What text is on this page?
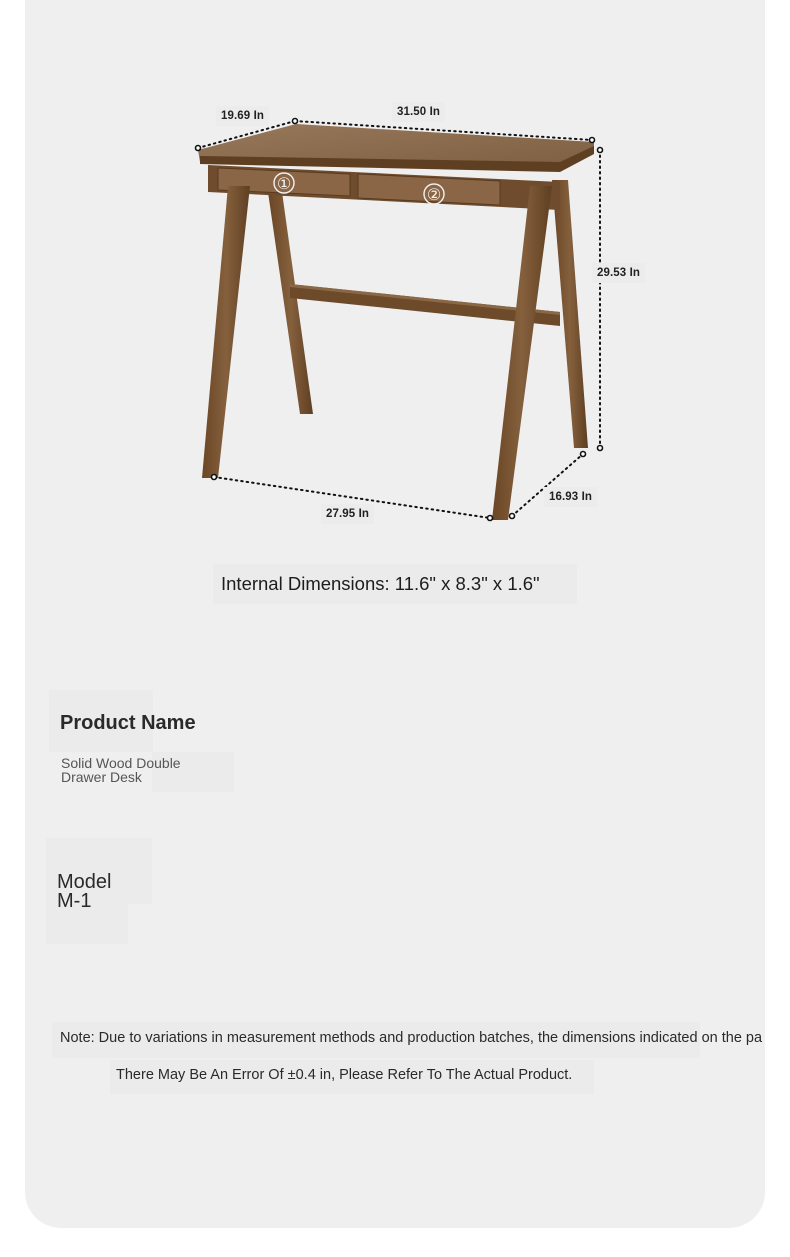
①
②
19.69 In	31.50 In
29.53 In
16.93 In
27.95 In
Internal Dimensions: 11.6" x 8.3" x 1.6"
Product Name
Solid Wood Double Drawer Desk
Model
M-1
Note: Due to variations in measurement methods and production batches, the dimensions indicated on the pa
There May Be An Error Of ±0.4 in, Please Refer To The Actual Product.
